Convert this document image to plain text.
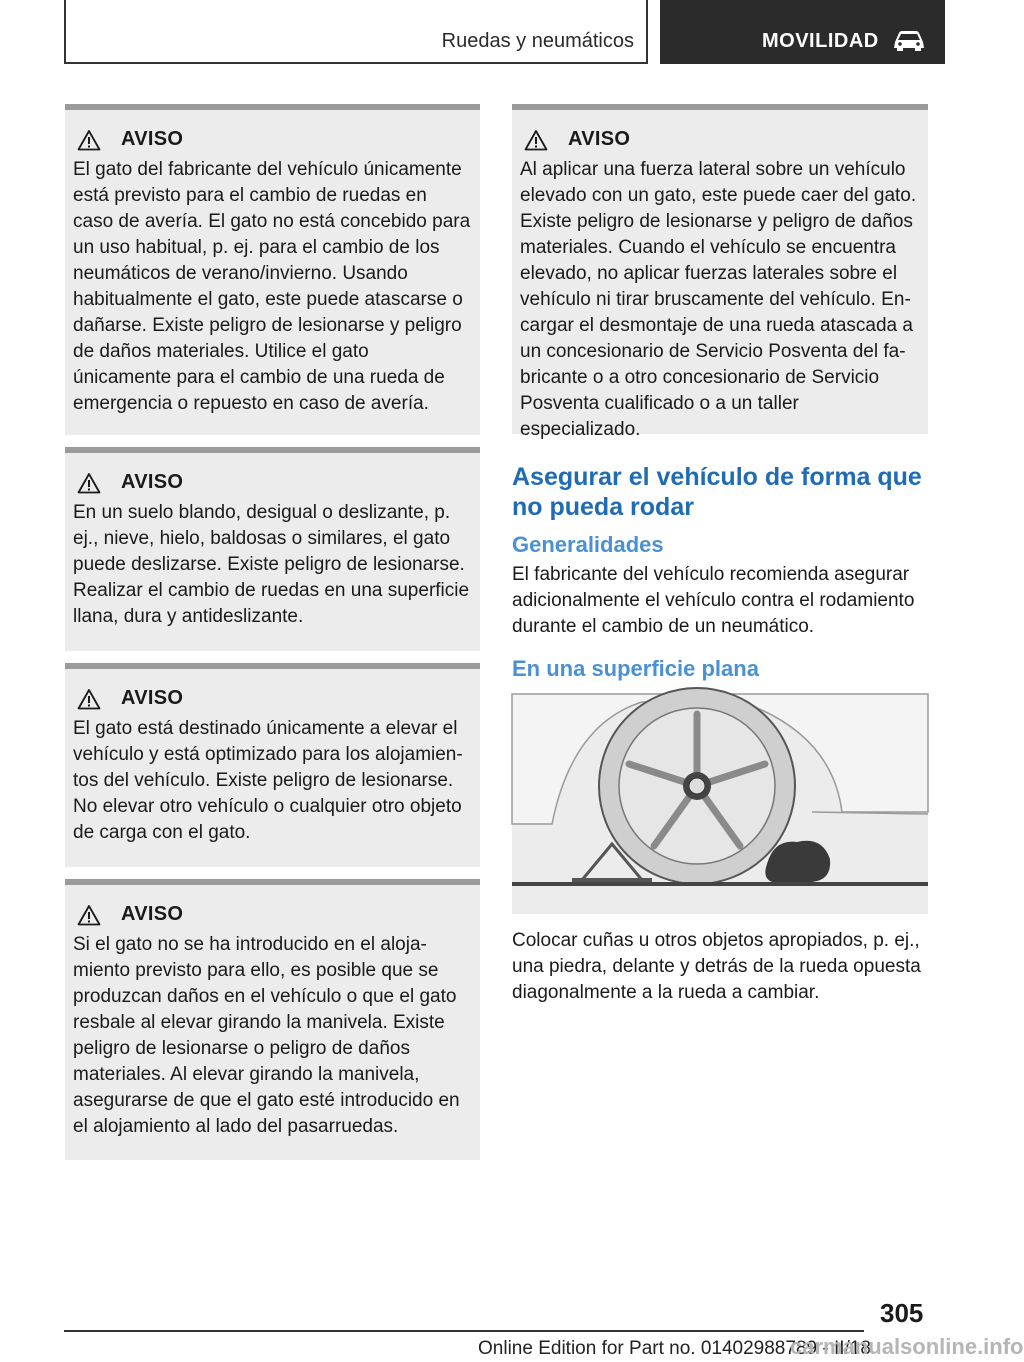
Ruedas y neumáticos	MOVILIDAD
AVISO

El gato del fabricante del vehículo únicamente está previsto para el cambio de ruedas en caso de avería. El gato no está concebido para un uso habitual, p. ej. para el cambio de los neumáticos de verano/invierno. Usando habitualmente el gato, este puede atascarse o dañarse. Existe peligro de lesionarse y peligro de daños materiales. Utilice el gato únicamente para el cambio de una rueda de emergencia o repuesto en caso de avería.

AVISO

En un suelo blando, desigual o deslizante, p. ej., nieve, hielo, baldosas o similares, el gato puede deslizarse. Existe peligro de lesionarse. Realizar el cambio de ruedas en una superficie llana, dura y antideslizante.

AVISO

El gato está destinado únicamente a elevar el vehículo y está optimizado para los alojamientos del vehículo. Existe peligro de lesionarse. No elevar otro vehículo o cualquier otro objeto de carga con el gato.

AVISO

Si el gato no se ha introducido en el alojamiento previsto para ello, es posible que se produzcan daños en el vehículo o que el gato resbale al elevar girando la manivela. Existe peligro de lesionarse o peligro de daños materiales. Al elevar girando la manivela, asegurarse de que el gato esté introducido en el alojamiento al lado del pasarruedas.

AVISO

Al aplicar una fuerza lateral sobre un vehículo elevado con un gato, este puede caer del gato. Existe peligro de lesionarse y peligro de daños materiales. Cuando el vehículo se encuentra elevado, no aplicar fuerzas laterales sobre el vehículo ni tirar bruscamente del vehículo. Encargar el desmontaje de una rueda atascada a un concesionario de Servicio Posventa del fabricante o a otro concesionario de Servicio Posventa cualificado o a un taller especializado.

Asegurar el vehículo de forma que no pueda rodar
Generalidades

El fabricante del vehículo recomienda asegurar adicionalmente el vehículo contra el rodamiento durante el cambio de un neumático.

En una superficie plana

Colocar cuñas u otros objetos apropiados, p. ej., una piedra, delante y detrás de la rueda opuesta diagonalmente a la rueda a cambiar.

305
Online Edition for Part no. 01402988789 - II/18
carmanualsonline.info
